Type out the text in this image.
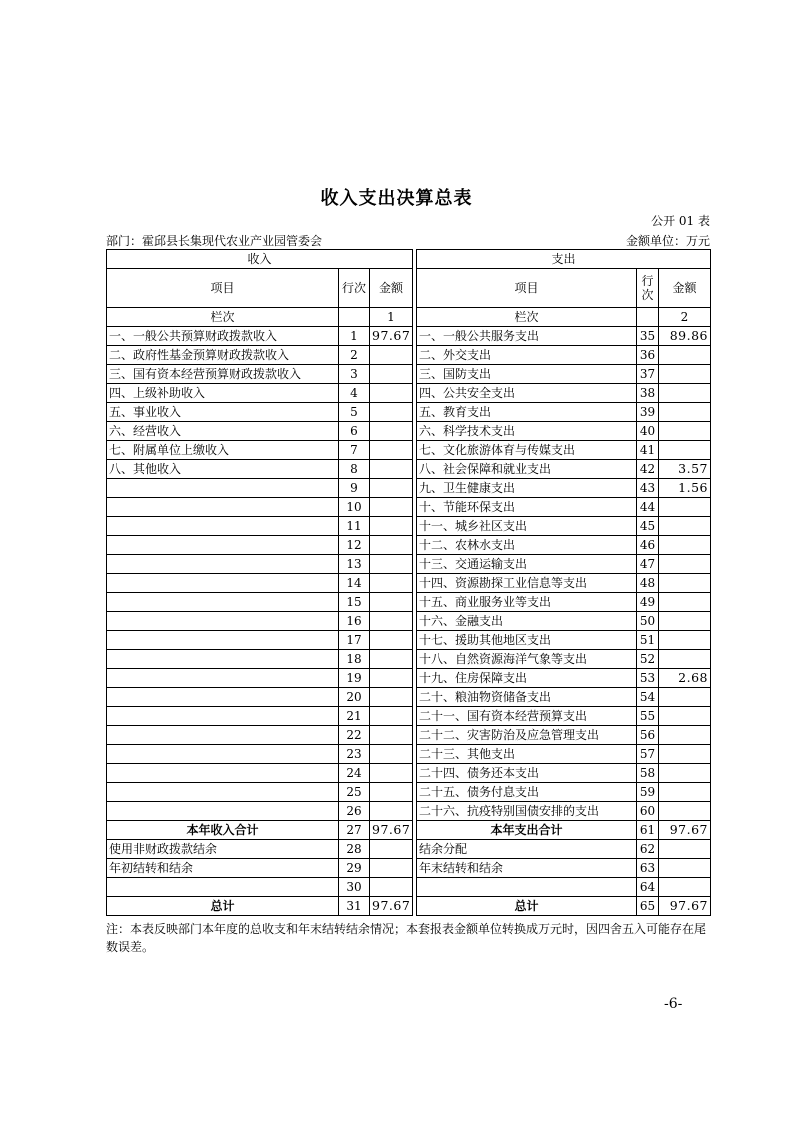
收入支出决算总表
公开 01 表
部门：霍邱县长集现代农业产业园管委会	金额单位：万元
收入				支出		
项目	行次	金额		项目	行次	金额
栏次		1		栏次		2
一、一般公共预算财政拨款收入	1	97.67		一、一般公共服务支出	35	89.86
二、政府性基金预算财政拨款收入	2			二、外交支出	36	
三、国有资本经营预算财政拨款收入	3			三、国防支出	37	
四、上级补助收入	4			四、公共安全支出	38	
五、事业收入	5			五、教育支出	39	
六、经营收入	6			六、科学技术支出	40	
七、附属单位上缴收入	7			七、文化旅游体育与传媒支出	41	
八、其他收入	8			八、社会保障和就业支出	42	3.57
	9			九、卫生健康支出	43	1.56
	10			十、节能环保支出	44	
	11			十一、城乡社区支出	45	
	12			十二、农林水支出	46	
	13			十三、交通运输支出	47	
	14			十四、资源勘探工业信息等支出	48	
	15			十五、商业服务业等支出	49	
	16			十六、金融支出	50	
	17			十七、援助其他地区支出	51	
	18			十八、自然资源海洋气象等支出	52	
	19			十九、住房保障支出	53	2.68
	20			二十、粮油物资储备支出	54	
	21			二十一、国有资本经营预算支出	55	
	22			二十二、灾害防治及应急管理支出	56	
	23			二十三、其他支出	57	
	24			二十四、债务还本支出	58	
	25			二十五、债务付息支出	59	
	26			二十六、抗疫特别国债安排的支出	60	
本年收入合计	27	97.67		本年支出合计	61	97.67
使用非财政拨款结余	28			结余分配	62	
年初结转和结余	29			年末结转和结余	63	
	30				64	
总计	31	97.67		总计	65	97.67
注：本表反映部门本年度的总收支和年末结转结余情况；本套报表金额单位转换成万元时，因四舍五入可能存在尾数误差。
-6-
